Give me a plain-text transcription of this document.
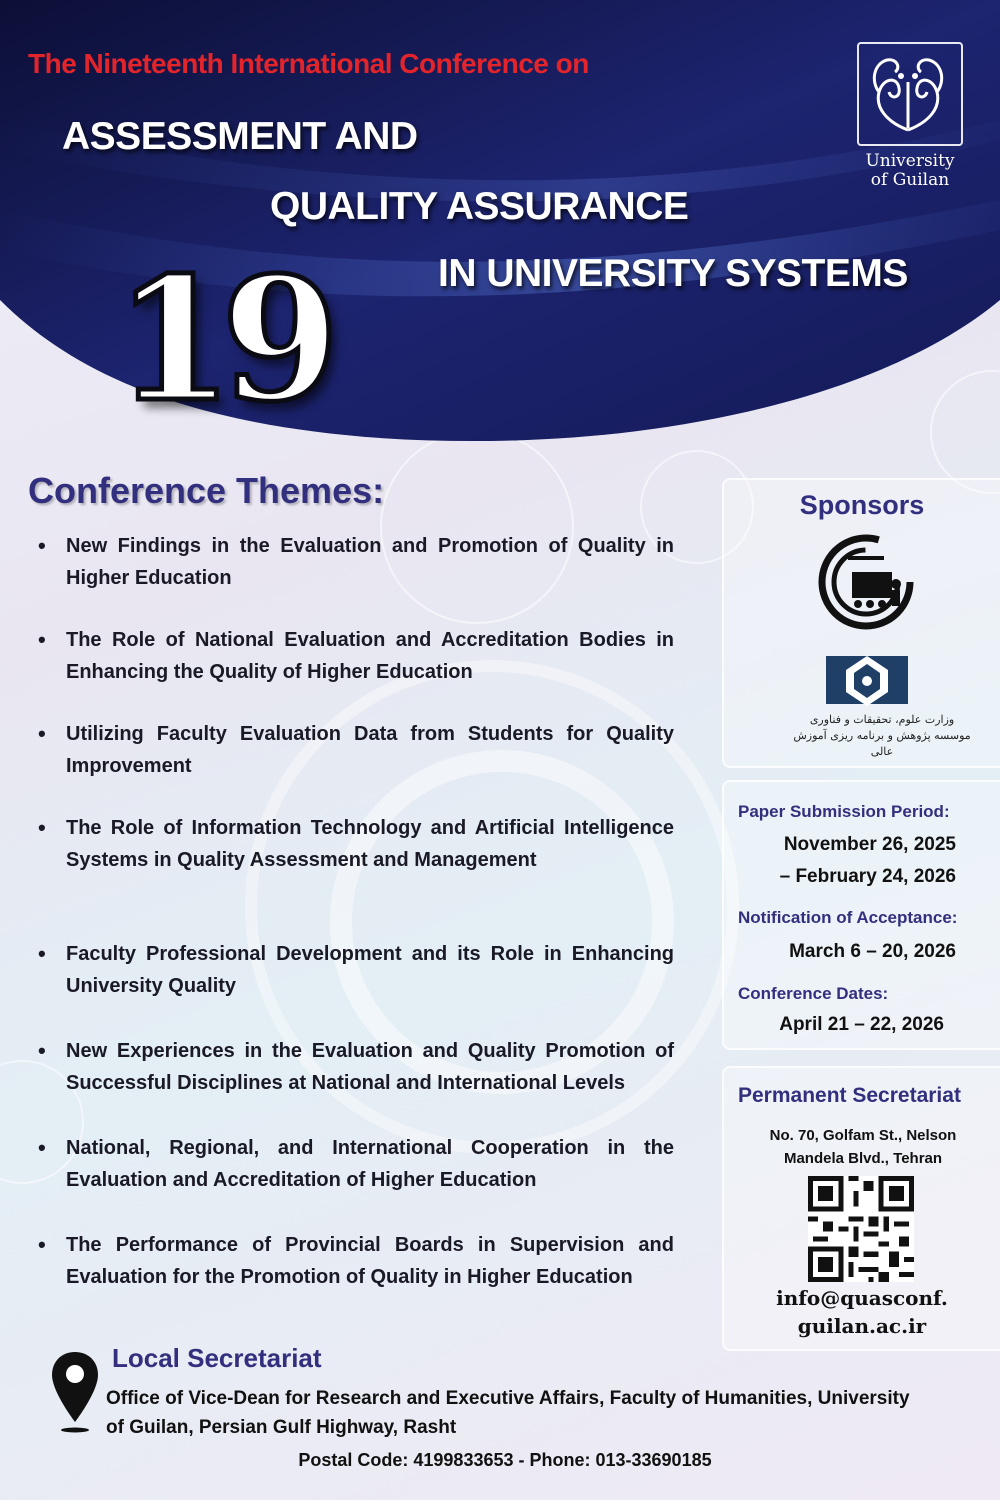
The Nineteenth International Conference on
ASSESSMENT AND
QUALITY ASSURANCE
IN UNIVERSITY SYSTEMS
19
University
of Guilan
Conference Themes:
• New Findings in the Evaluation and Promotion of Quality in Higher Education
• The Role of National Evaluation and Accreditation Bodies in Enhancing the Quality of Higher Education
• Utilizing Faculty Evaluation Data from Students for Quality Improvement
• The Role of Information Technology and Artificial Intelligence Systems in Quality Assessment and Management
• Faculty Professional Development and its Role in Enhancing University Quality
• New Experiences in the Evaluation and Quality Promotion of Successful Disciplines at National and International Levels
• National, Regional, and International Cooperation in the Evaluation and Accreditation of Higher Education
• The Performance of Provincial Boards in Supervision and Evaluation for the Promotion of Quality in Higher Education
Sponsors
وزارت علوم، تحقیقات و فناوری
موسسه پژوهش و برنامه ریزی آموزش عالی
Paper Submission Period:
November 26, 2025
– February 24, 2026
Notification of Acceptance:
March 6 – 20, 2026
Conference Dates:
April 21 – 22, 2026
Permanent Secretariat
No. 70, Golfam St., Nelson
Mandela Blvd., Tehran
info@quasconf.
guilan.ac.ir
Local Secretariat
Office of Vice-Dean for Research and Executive Affairs, Faculty of Humanities, University
of Guilan, Persian Gulf Highway, Rasht
Postal Code: 4199833653 - Phone: 013-33690185
